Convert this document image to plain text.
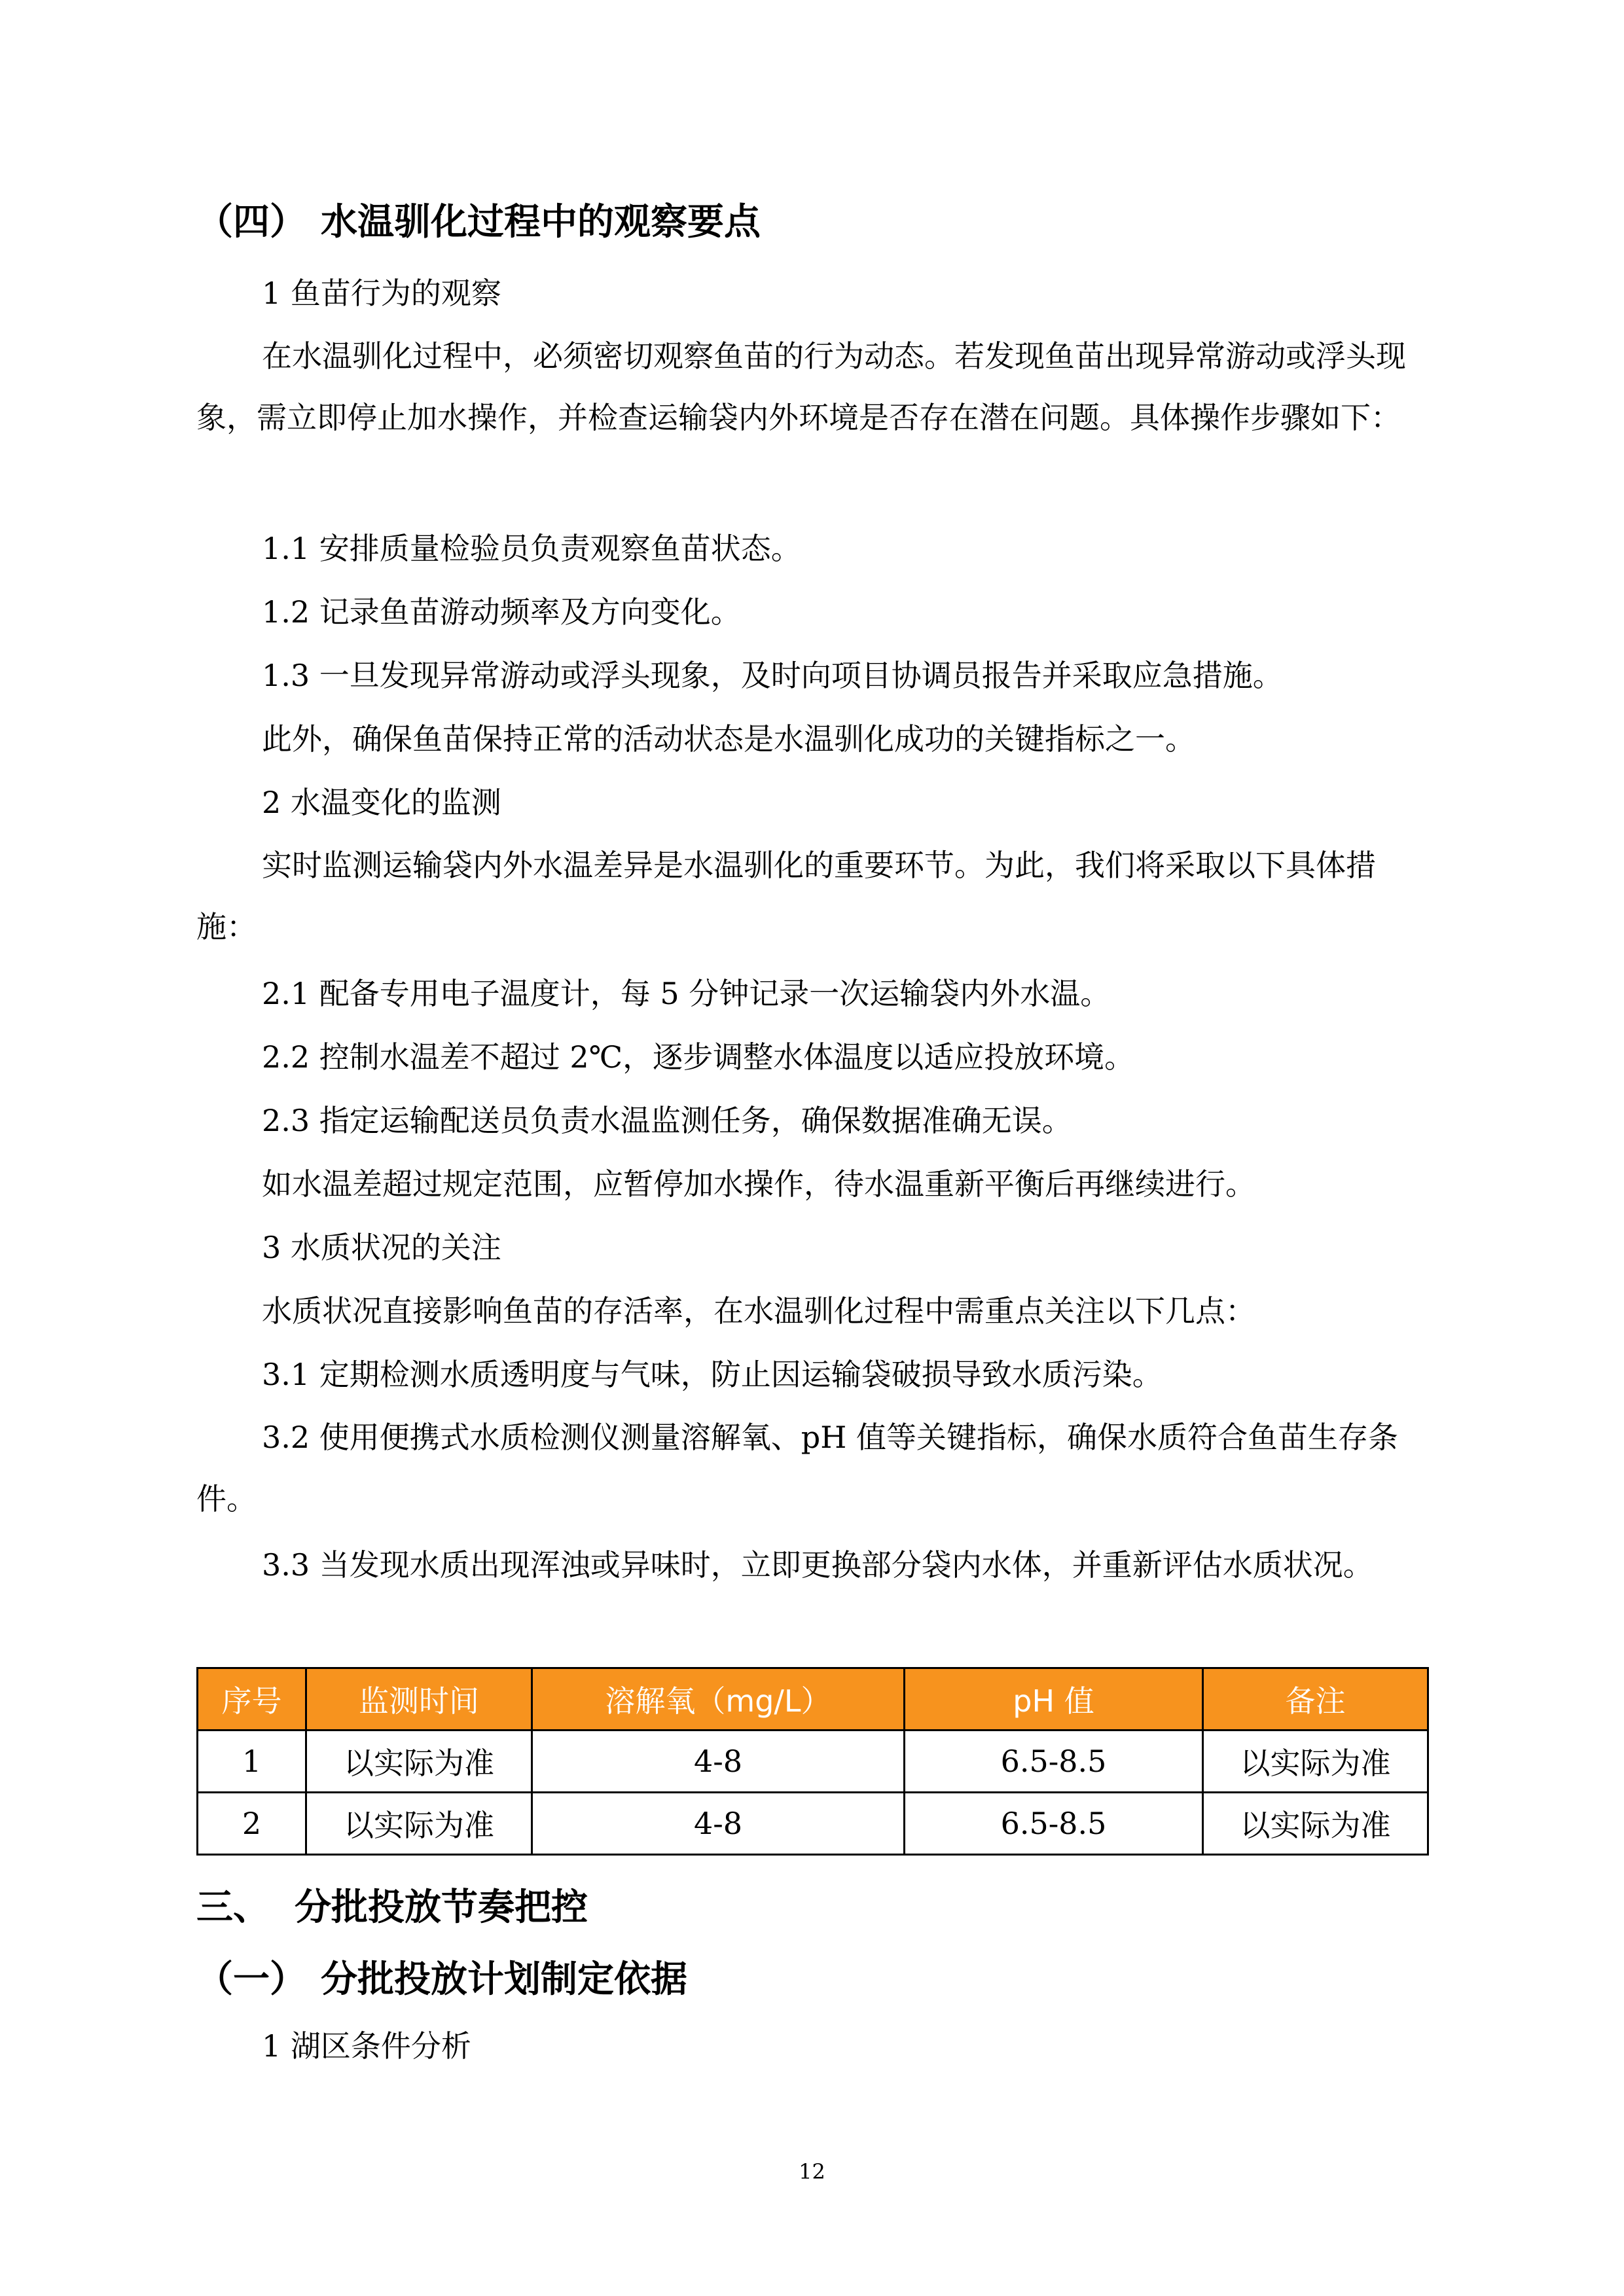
（四） 水温驯化过程中的观察要点

1 鱼苗行为的观察

在水温驯化过程中，必须密切观察鱼苗的行为动态。若发现鱼苗出现异常游动或浮头现象，需立即停止加水操作，并检查运输袋内外环境是否存在潜在问题。具体操作步骤如下：

1.1 安排质量检验员负责观察鱼苗状态。

1.2 记录鱼苗游动频率及方向变化。

1.3 一旦发现异常游动或浮头现象，及时向项目协调员报告并采取应急措施。

此外，确保鱼苗保持正常的活动状态是水温驯化成功的关键指标之一。

2 水温变化的监测

实时监测运输袋内外水温差异是水温驯化的重要环节。为此，我们将采取以下具体措施：

2.1 配备专用电子温度计，每 5 分钟记录一次运输袋内外水温。

2.2 控制水温差不超过 2℃，逐步调整水体温度以适应投放环境。

2.3 指定运输配送员负责水温监测任务，确保数据准确无误。

如水温差超过规定范围，应暂停加水操作，待水温重新平衡后再继续进行。

3 水质状况的关注

水质状况直接影响鱼苗的存活率，在水温驯化过程中需重点关注以下几点：

3.1 定期检测水质透明度与气味，防止因运输袋破损导致水质污染。

3.2 使用便携式水质检测仪测量溶解氧、pH 值等关键指标，确保水质符合鱼苗生存条件。

3.3 当发现水质出现浑浊或异味时，立即更换部分袋内水体，并重新评估水质状况。

序号	监测时间	溶解氧（mg/L）	pH 值	备注
1	以实际为准	4-8	6.5-8.5	以实际为准
2	以实际为准	4-8	6.5-8.5	以实际为准
三、 分批投放节奏把控
（一） 分批投放计划制定依据

1 湖区条件分析

12
